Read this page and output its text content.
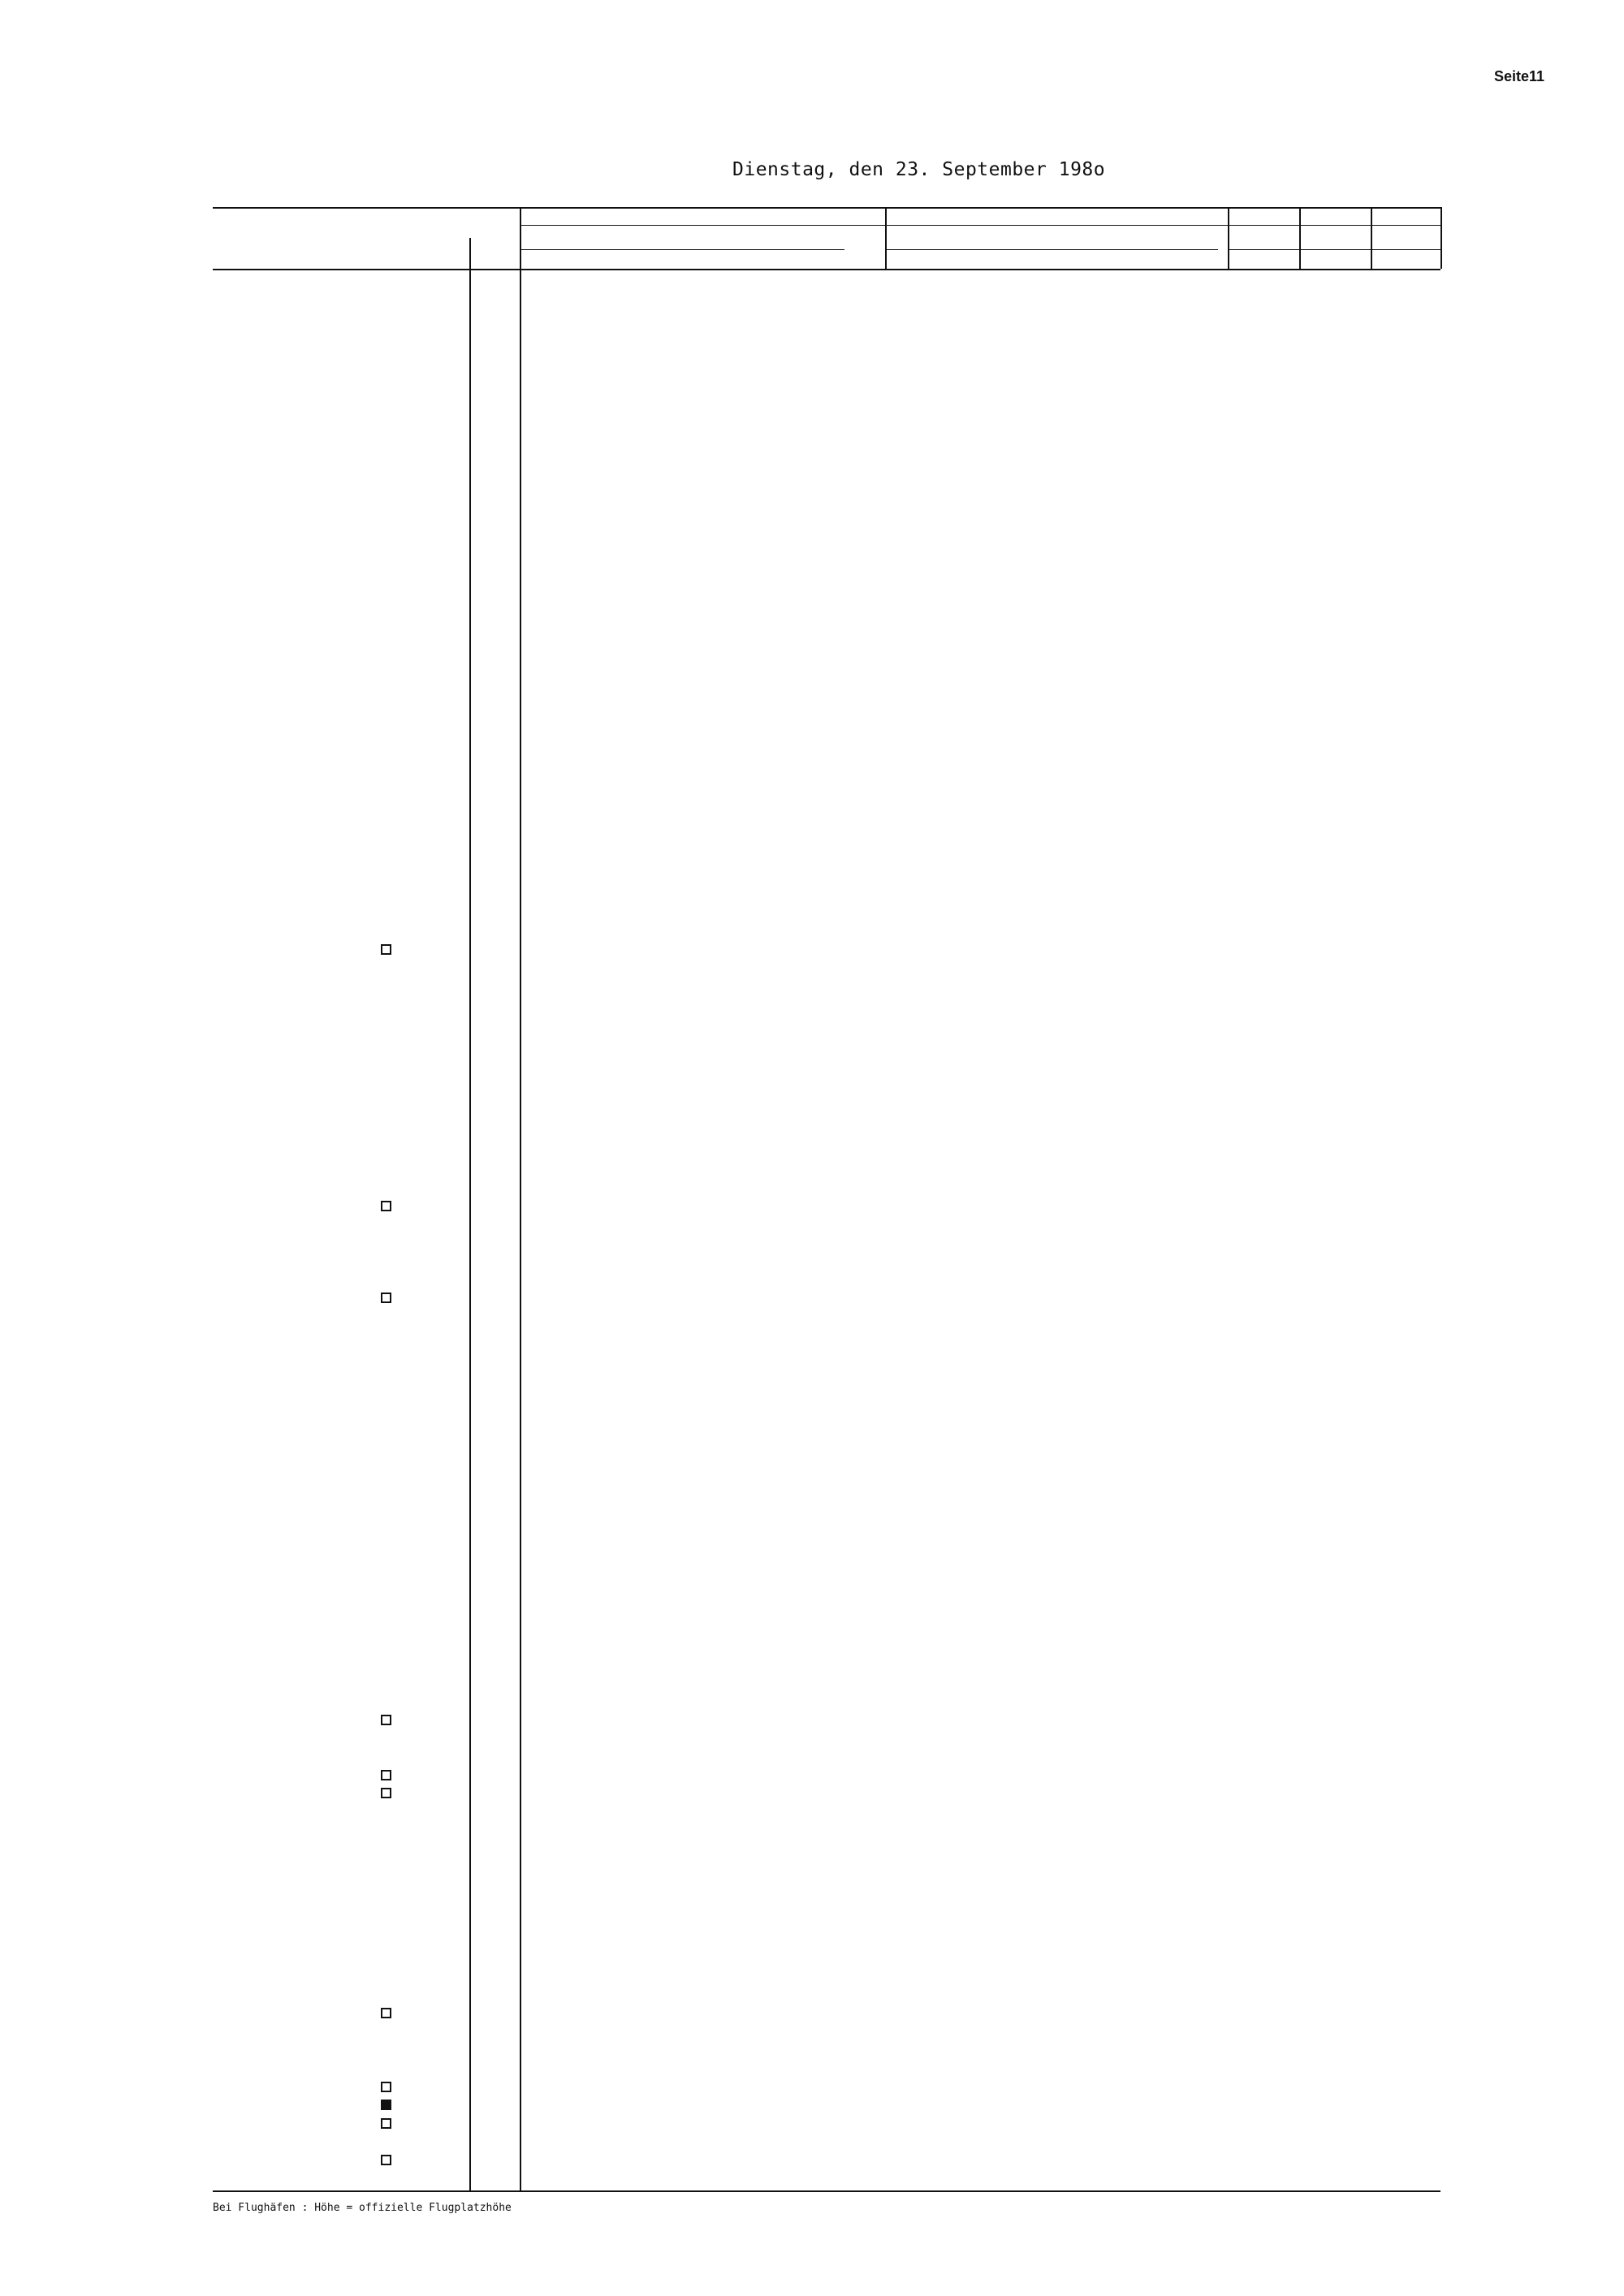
Seite11
Dienstag, den 23. September 198o
Bei Flughäfen : Höhe = offizielle Flugplatzhöhe
